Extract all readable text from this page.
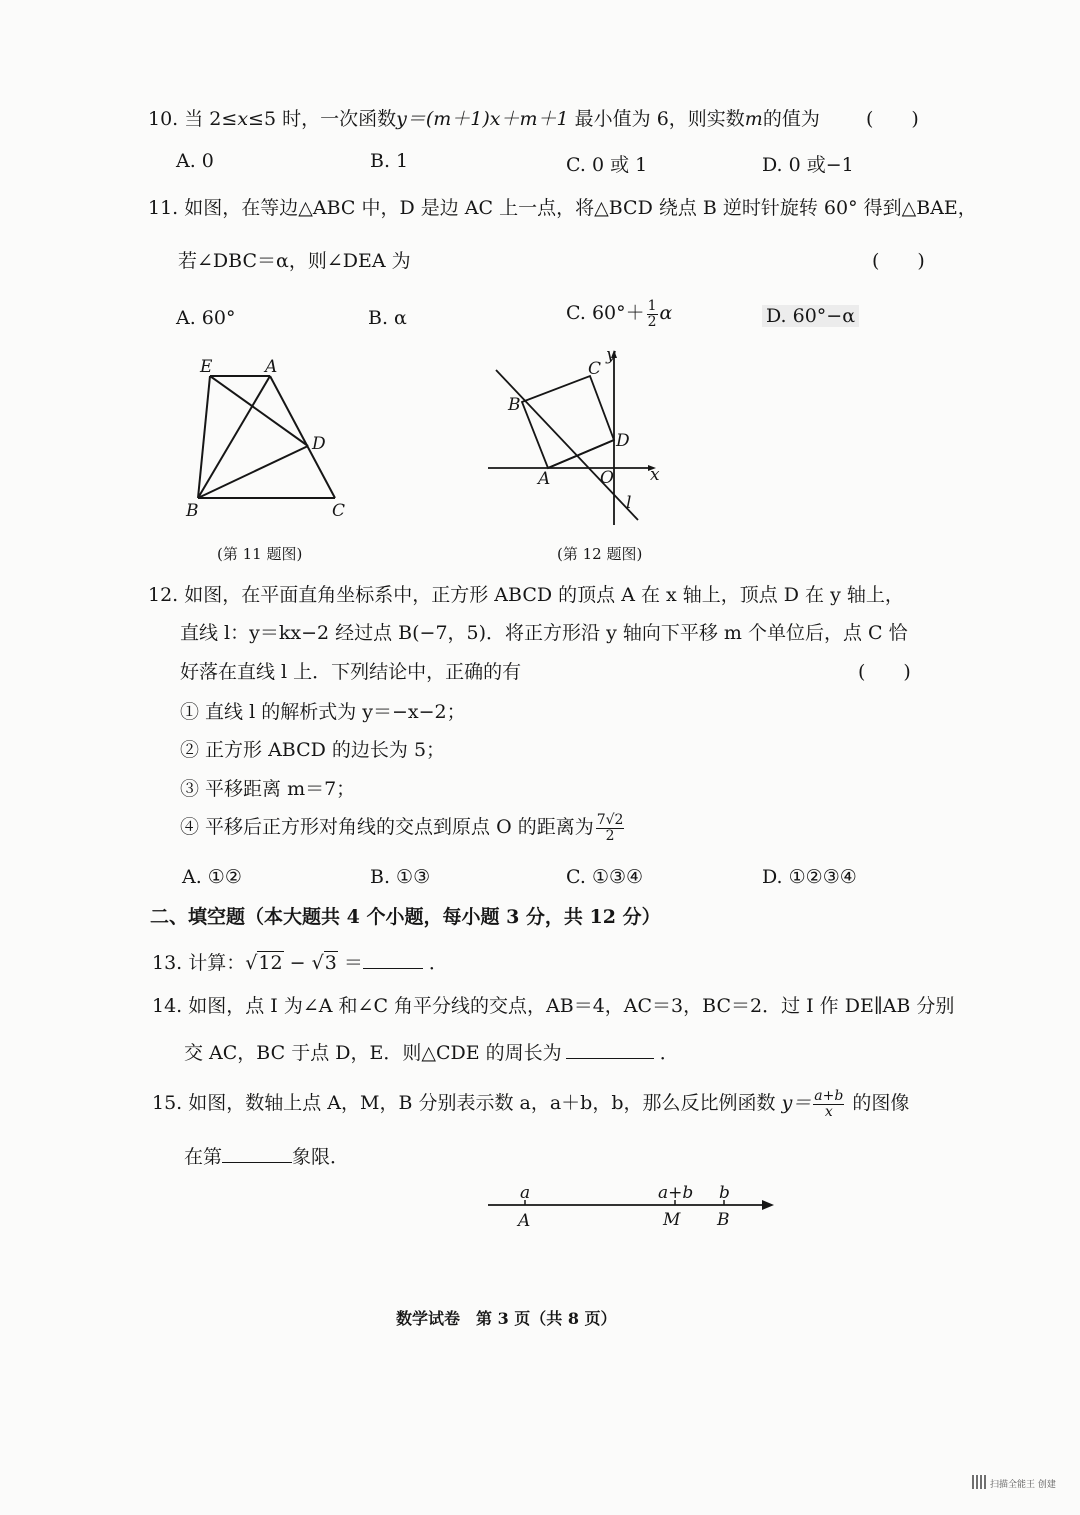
10. 当 2≤x≤5 时，一次函数y＝(m＋1)x＋m＋1 最小值为 6，则实数m的值为 (　　)
A. 0	B. 1	C. 0 或 1	D. 0 或−1
11. 如图，在等边△ABC 中，D 是边 AC 上一点，将△BCD 绕点 B 逆时针旋转 60° 得到△BAE，
若∠DBC＝α，则∠DEA 为	(　　)
A. 60°	B. α	C. $60^\circ+ \frac{1}{2}$ α	D. 60°−α
E	A
D
B	C
(第 11 题图)
y
C
B
D
A	O x
l
(第 12 题图)
12. 如图，在平面直角坐标系中，正方形 ABCD 的顶点 A 在 x 轴上，顶点 D 在 y 轴上，
直线 l：y＝kx−2 经过点 B(−7，5)．将正方形沿 y 轴向下平移 m 个单位后，点 C 恰
好落在直线 l 上．下列结论中，正确的有	(　　)
① 直线 l 的解析式为 y＝−x−2；
② 正方形 ABCD 的边长为 5；
③ 平移距离 m＝7；
④ 平移后正方形对角线的交点到原点 O 的距离为 $\frac{7√2}{2}$
A. ①②	B. ①③	C. ①③④	D. ①②③④
二、填空题（本大题共 4 个小题，每小题 3 分，共 12 分）
13. 计算：√12 − √3 ＝	．
14. 如图，点 I 为∠A 和∠C 角平分线的交点，AB＝4，AC＝3，BC＝2．过 I 作 DE∥AB 分别
交 AC，BC 于点 D，E．则△CDE 的周长为	．
15. 如图，数轴上点 A，M，B 分别表示数 a，a＋b，b，那么反比例函数 $y= \frac{a+b}{x}$ 的图像
在第	象限．
a	a+b b
A	M B
数学试卷　第 3 页（共 8 页）
扫描全能王 创建
